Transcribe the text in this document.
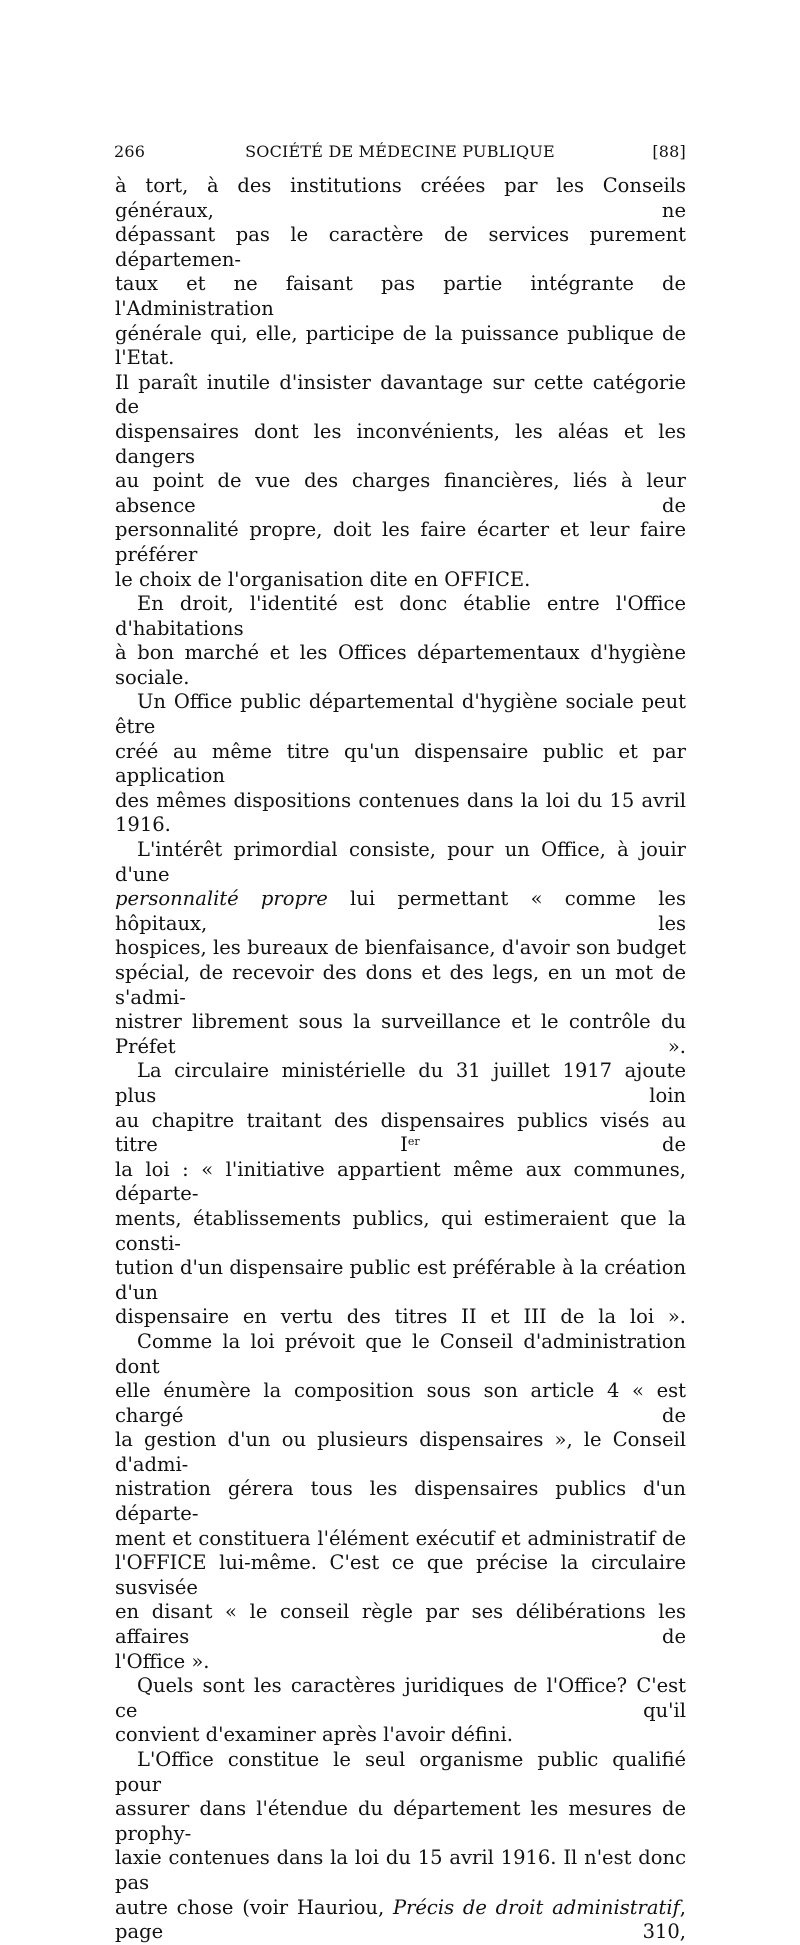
266	SOCIÉTÉ DE MÉDECINE PUBLIQUE	[88]

à tort, à des institutions créées par les Conseils généraux, ne

dépassant pas le caractère de services purement départemen-

taux et ne faisant pas partie intégrante de l'Administration

générale qui, elle, participe de la puissance publique de l'Etat.

Il paraît inutile d'insister davantage sur cette catégorie de

dispensaires dont les inconvénients, les aléas et les dangers

au point de vue des charges financières, liés à leur absence de

personnalité propre, doit les faire écarter et leur faire préférer

le choix de l'organisation dite en OFFICE.

En droit, l'identité est donc établie entre l'Office d'habitations

à bon marché et les Offices départementaux d'hygiène sociale.

Un Office public départemental d'hygiène sociale peut être

créé au même titre qu'un dispensaire public et par application

des mêmes dispositions contenues dans la loi du 15 avril 1916.

L'intérêt primordial consiste, pour un Office, à jouir d'une

personnalité propre lui permettant « comme les hôpitaux, les

hospices, les bureaux de bienfaisance, d'avoir son budget

spécial, de recevoir des dons et des legs, en un mot de s'admi-

nistrer librement sous la surveillance et le contrôle du Préfet ».

La circulaire ministérielle du 31 juillet 1917 ajoute plus loin

au chapitre traitant des dispensaires publics visés au titre Ier de

la loi : « l'initiative appartient même aux communes, départe-

ments, établissements publics, qui estimeraient que la consti-

tution d'un dispensaire public est préférable à la création d'un

dispensaire en vertu des titres II et III de la loi ».

Comme la loi prévoit que le Conseil d'administration dont

elle énumère la composition sous son article 4 « est chargé de

la gestion d'un ou plusieurs dispensaires », le Conseil d'admi-

nistration gérera tous les dispensaires publics d'un départe-

ment et constituera l'élément exécutif et administratif de

l'OFFICE lui-même. C'est ce que précise la circulaire susvisée

en disant « le conseil règle par ses délibérations les affaires de

l'Office ».

Quels sont les caractères juridiques de l'Office? C'est ce qu'il

convient d'examiner après l'avoir défini.

L'Office constitue le seul organisme public qualifié pour

assurer dans l'étendue du département les mesures de prophy-

laxie contenues dans la loi du 15 avril 1916. Il n'est donc pas

autre chose (voir Hauriou, Précis de droit administratif, page 310,
